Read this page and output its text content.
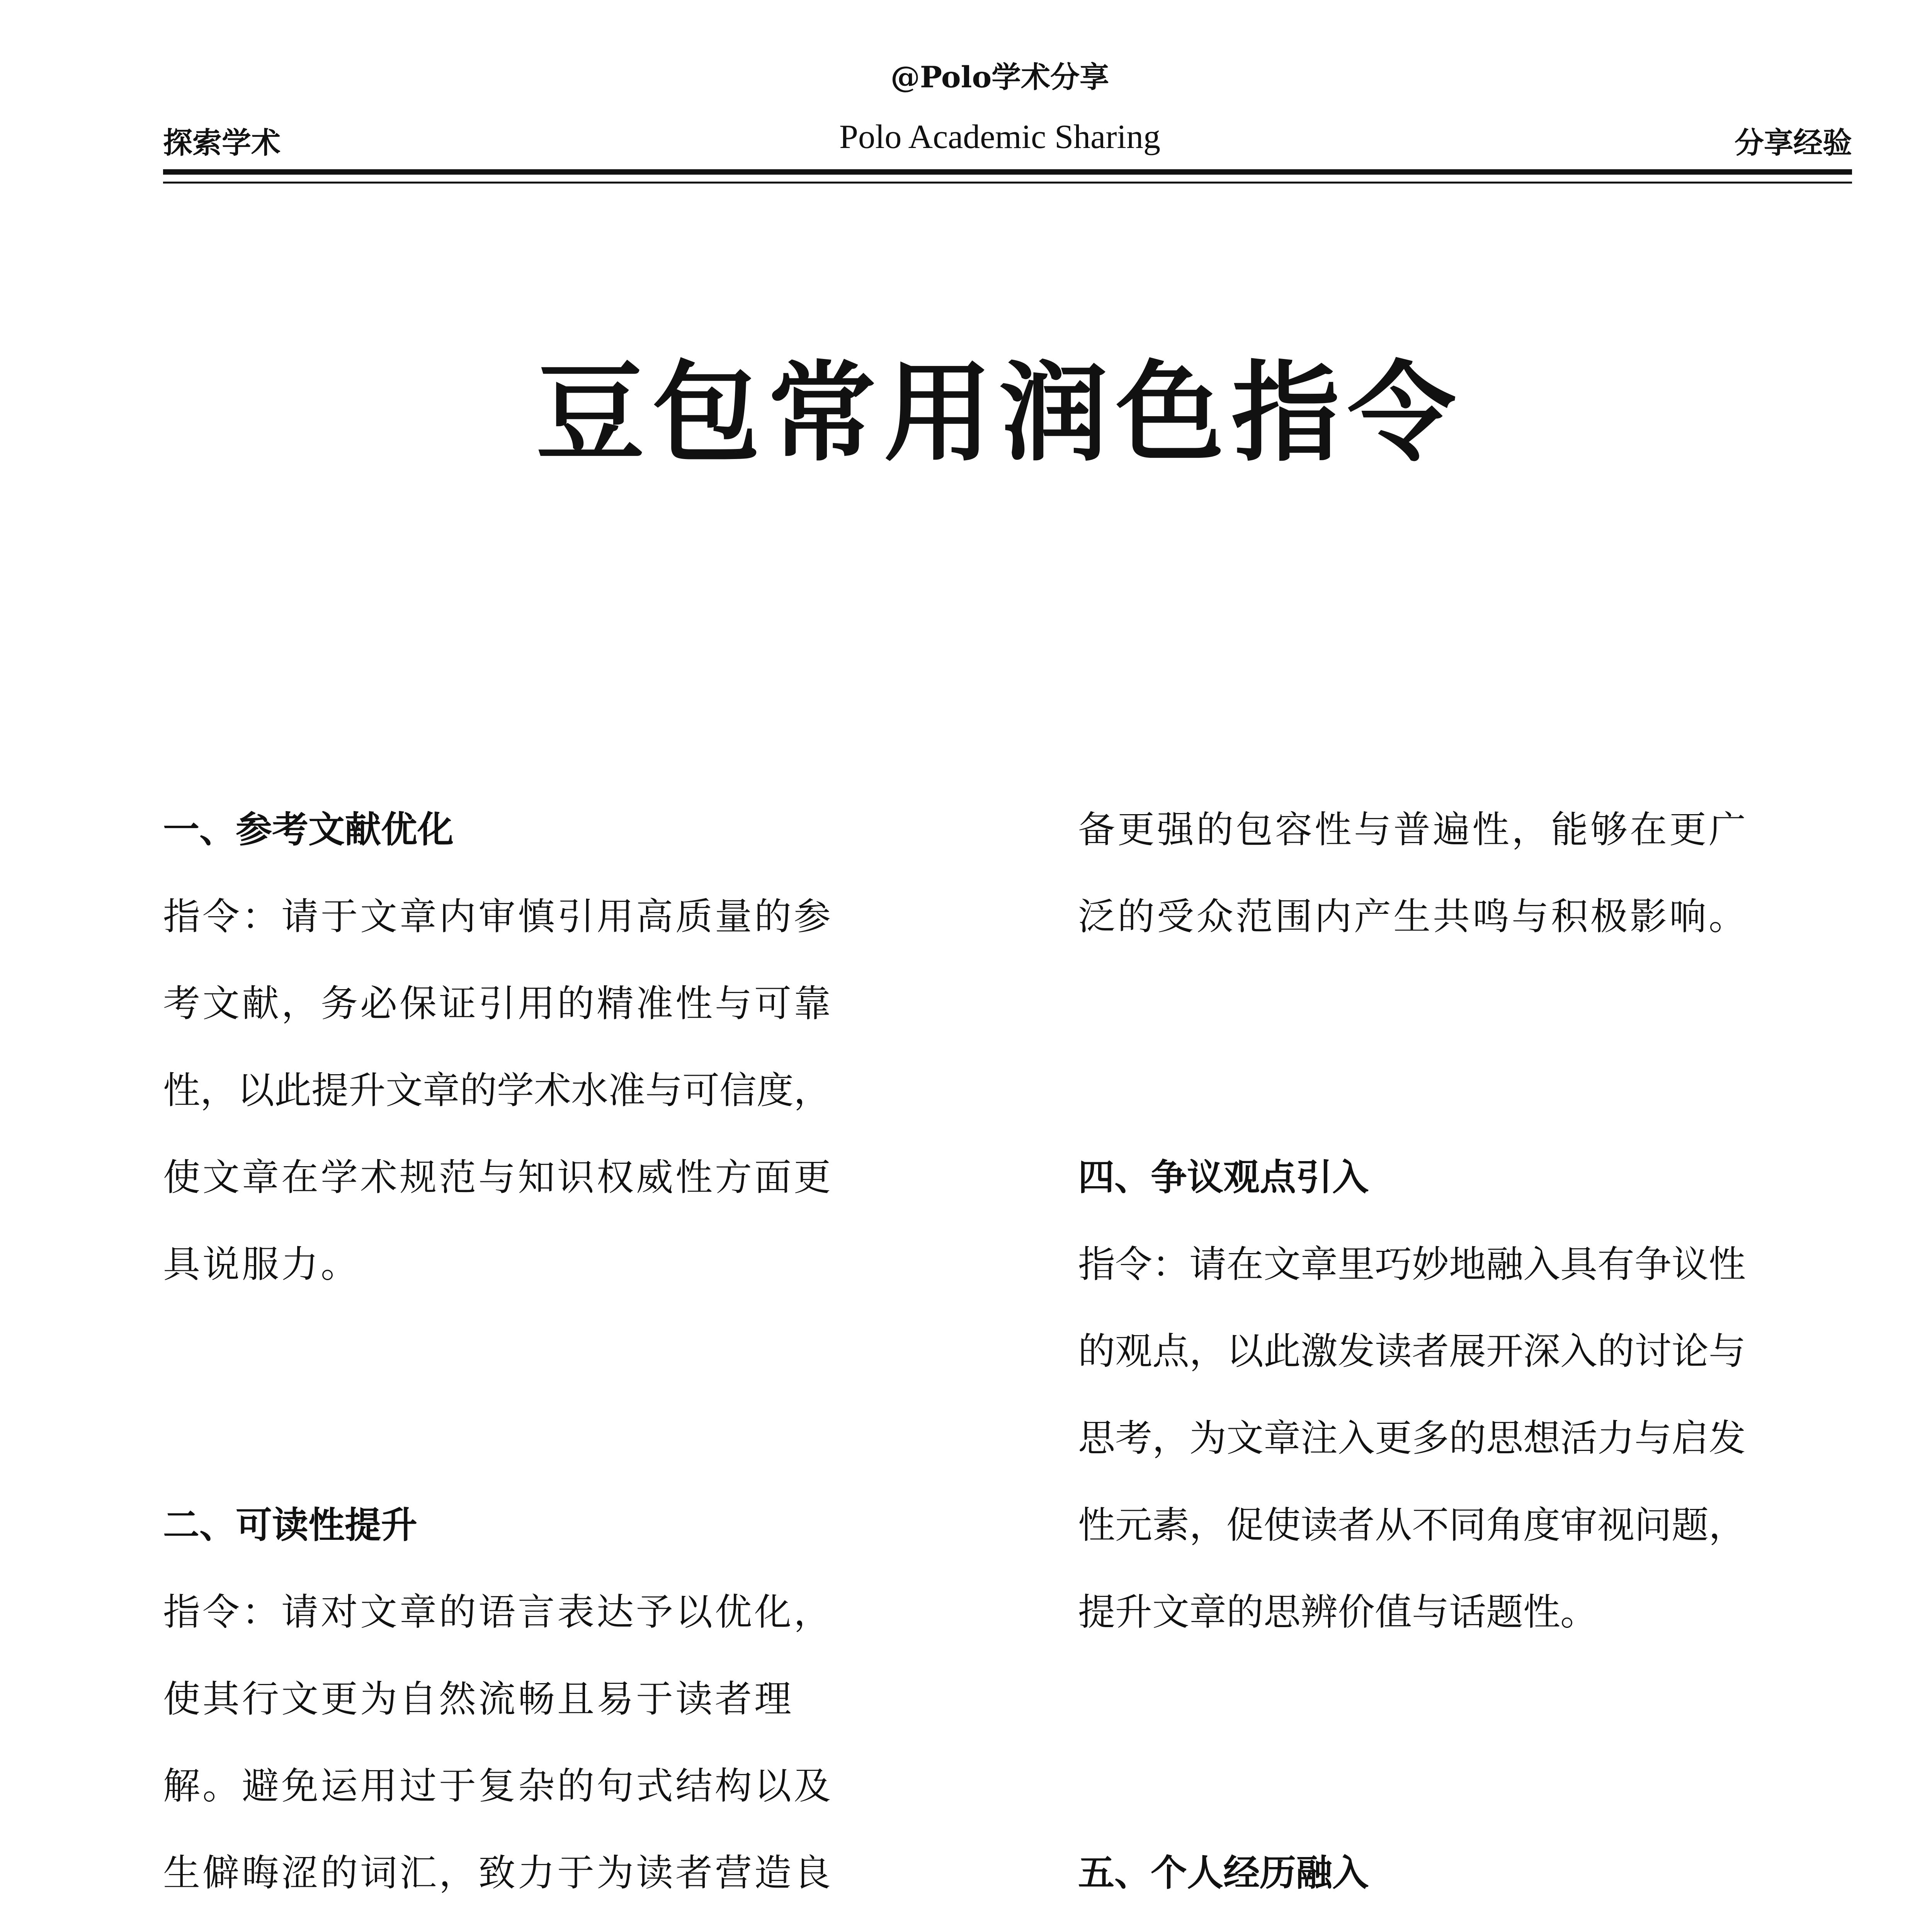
@Polo学术分享
探索学术	Polo Academic Sharing	分享经验
豆包常用润色指令
一、参考文献优化
指令：请于文章内审慎引用高质量的参
考文献，务必保证引用的精准性与可靠
性，以此提升文章的学术水准与可信度，
使文章在学术规范与知识权威性方面更
具说服力。
二、可读性提升
指令：请对文章的语言表达予以优化，
使其行文更为自然流畅且易于读者理
解。避免运用过于复杂的句式结构以及
生僻晦涩的词汇，致力于为读者营造良
备更强的包容性与普遍性，能够在更广
泛的受众范围内产生共鸣与积极影响。
四、争议观点引入
指令：请在文章里巧妙地融入具有争议性
的观点，以此激发读者展开深入的讨论与
思考，为文章注入更多的思想活力与启发
性元素，促使读者从不同角度审视问题，
提升文章的思辨价值与话题性。
五、个人经历融入
